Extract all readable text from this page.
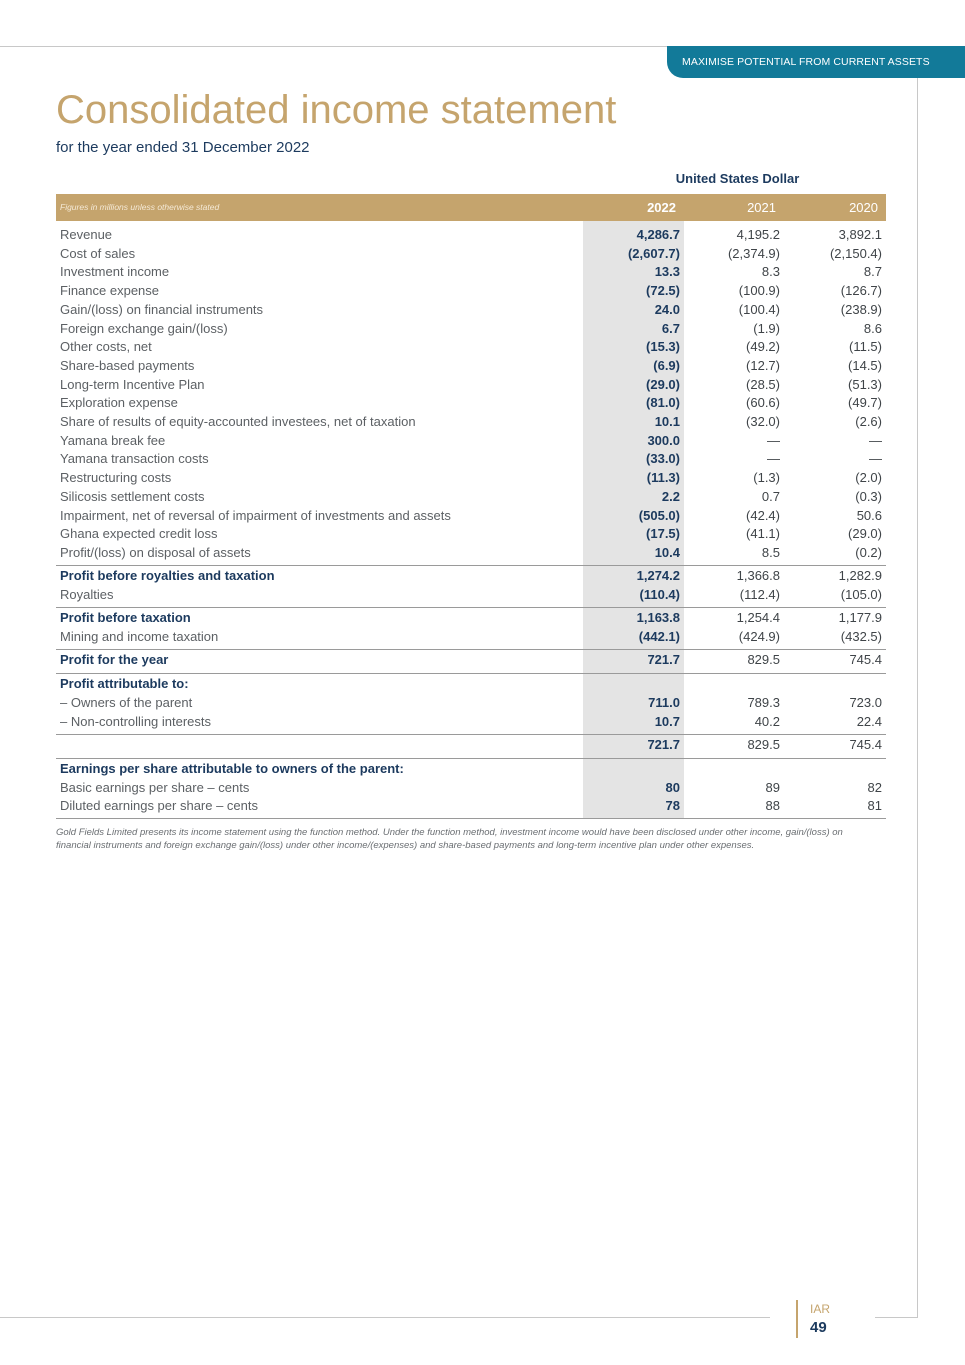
MAXIMISE POTENTIAL FROM CURRENT ASSETS
Consolidated income statement
for the year ended 31 December 2022
United States Dollar
Figures in millions unless otherwise stated	2022	2021	2020
Revenue	4,286.7	4,195.2	3,892.1
Cost of sales	(2,607.7)	(2,374.9)	(2,150.4)
Investment income	13.3	8.3	8.7
Finance expense	(72.5)	(100.9)	(126.7)
Gain/(loss) on financial instruments	24.0	(100.4)	(238.9)
Foreign exchange gain/(loss)	6.7	(1.9)	8.6
Other costs, net	(15.3)	(49.2)	(11.5)
Share-based payments	(6.9)	(12.7)	(14.5)
Long-term Incentive Plan	(29.0)	(28.5)	(51.3)
Exploration expense	(81.0)	(60.6)	(49.7)
Share of results of equity-accounted investees, net of taxation	10.1	(32.0)	(2.6)
Yamana break fee	300.0	—	—
Yamana transaction costs	(33.0)	—	—
Restructuring costs	(11.3)	(1.3)	(2.0)
Silicosis settlement costs	2.2	0.7	(0.3)
Impairment, net of reversal of impairment of investments and assets	(505.0)	(42.4)	50.6
Ghana expected credit loss	(17.5)	(41.1)	(29.0)
Profit/(loss) on disposal of assets	10.4	8.5	(0.2)
Profit before royalties and taxation	1,274.2	1,366.8	1,282.9
Royalties	(110.4)	(112.4)	(105.0)
Profit before taxation	1,163.8	1,254.4	1,177.9
Mining and income taxation	(442.1)	(424.9)	(432.5)
Profit for the year	721.7	829.5	745.4
Profit attributable to:
– Owners of the parent	711.0	789.3	723.0
– Non-controlling interests	10.7	40.2	22.4
721.7	829.5	745.4
Earnings per share attributable to owners of the parent:
Basic earnings per share – cents	80	89	82
Diluted earnings per share – cents	78	88	81
Gold Fields Limited presents its income statement using the function method. Under the function method, investment income would have been disclosed under other income, gain/(loss) on financial instruments and foreign exchange gain/(loss) under other income/(expenses) and share-based payments and long-term incentive plan under other expenses.
IAR
49
